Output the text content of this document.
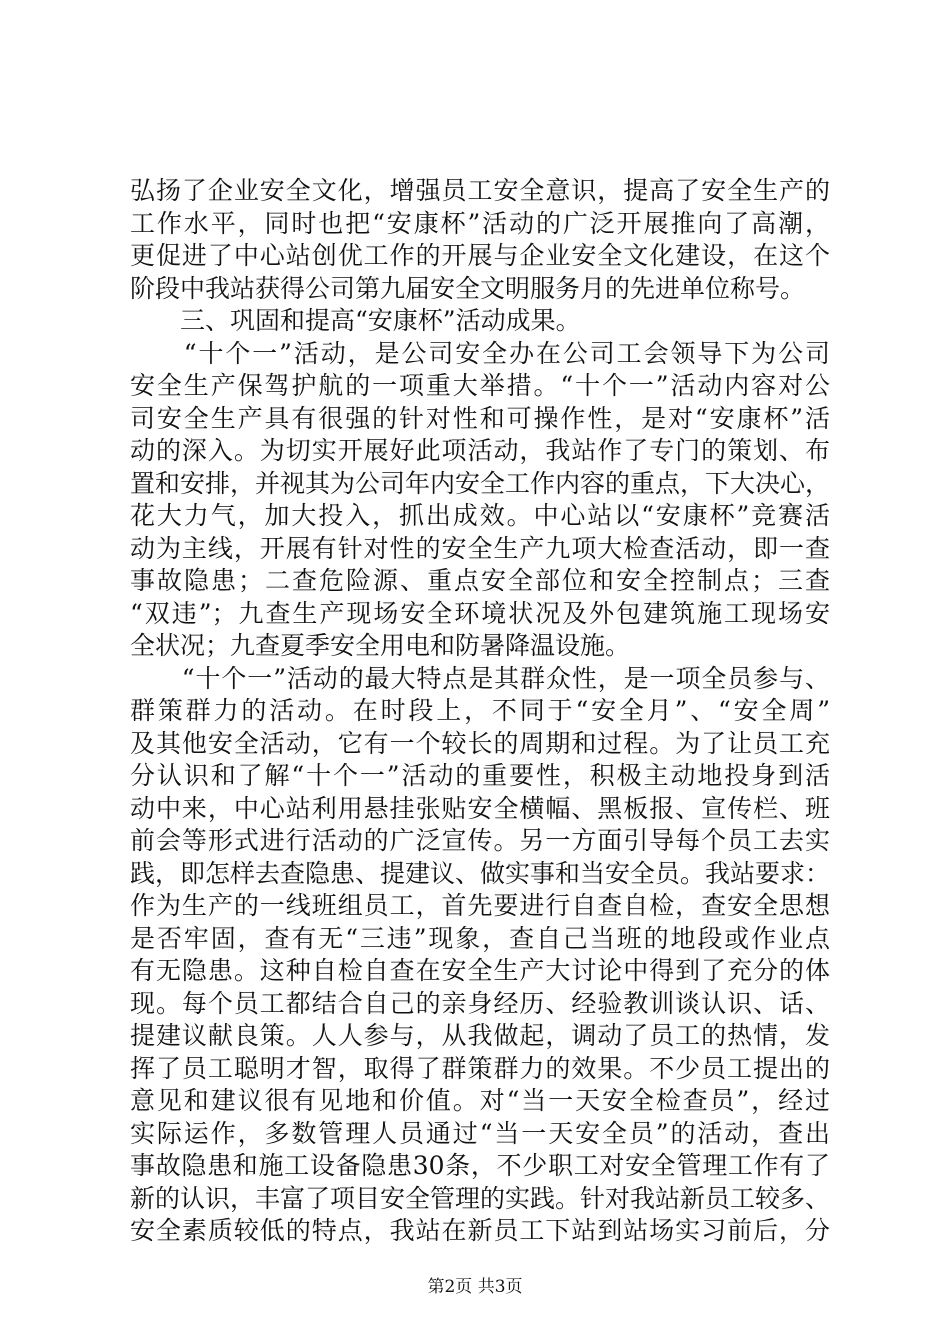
弘扬了企业安全文化，增强员工安全意识，提高了安全生产的
工作水平，同时也把“安康杯”活动的广泛开展推向了高潮，
更促进了中心站创优工作的开展与企业安全文化建设，在这个
阶段中我站获得公司第九届安全文明服务月的先进单位称号。
　　三、巩固和提高“安康杯”活动成果。
　　“十个一”活动，是公司安全办在公司工会领导下为公司
安全生产保驾护航的一项重大举措。“十个一”活动内容对公
司安全生产具有很强的针对性和可操作性，是对“安康杯”活
动的深入。为切实开展好此项活动，我站作了专门的策划、布
置和安排，并视其为公司年内安全工作内容的重点，下大决心，
花大力气，加大投入，抓出成效。中心站以“安康杯”竞赛活
动为主线，开展有针对性的安全生产九项大检查活动，即一查
事故隐患；二查危险源、重点安全部位和安全控制点；三查
“双违”；九查生产现场安全环境状况及外包建筑施工现场安
全状况；九查夏季安全用电和防暑降温设施。
　　“十个一”活动的最大特点是其群众性，是一项全员参与、
群策群力的活动。在时段上，不同于“安全月”、“安全周”
及其他安全活动，它有一个较长的周期和过程。为了让员工充
分认识和了解“十个一”活动的重要性，积极主动地投身到活
动中来，中心站利用悬挂张贴安全横幅、黑板报、宣传栏、班
前会等形式进行活动的广泛宣传。另一方面引导每个员工去实
践，即怎样去查隐患、提建议、做实事和当安全员。我站要求：
作为生产的一线班组员工，首先要进行自查自检，查安全思想
是否牢固，查有无“三违”现象，查自己当班的地段或作业点
有无隐患。这种自检自查在安全生产大讨论中得到了充分的体
现。每个员工都结合自己的亲身经历、经验教训谈认识、话、
提建议献良策。人人参与，从我做起，调动了员工的热情，发
挥了员工聪明才智，取得了群策群力的效果。不少员工提出的
意见和建议很有见地和价值。对“当一天安全检查员”，经过
实际运作，多数管理人员通过“当一天安全员”的活动，查出
事故隐患和施工设备隐患30条，不少职工对安全管理工作有了
新的认识，丰富了项目安全管理的实践。针对我站新员工较多、
安全素质较低的特点，我站在新员工下站到站场实习前后，分
第2页 共3页
